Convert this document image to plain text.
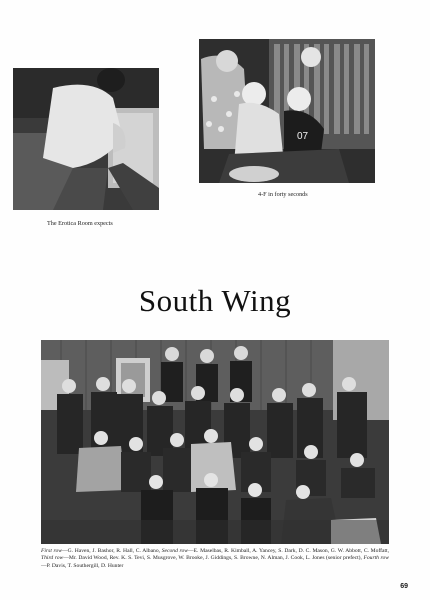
The Erotica Room expects
07
4-F in forty seconds
South Wing
First row—G. Haven, J. Bashor, R. Hall, C. Albano, Second row—E. Maselbas, R. Kimball, A. Yancey, S. Dark, D. C. Mason, G. W. Abbott, C. Moffatt, Third row—Mr. David Wood, Rev. K. S. Tevi, S. Musgrove, W. Brooke, J. Giddings, S. Browne, N. Alman, J. Cook, L. Jones (senior prefect), Fourth row—P. Davis, T. Southergill, D. Hunter
69
